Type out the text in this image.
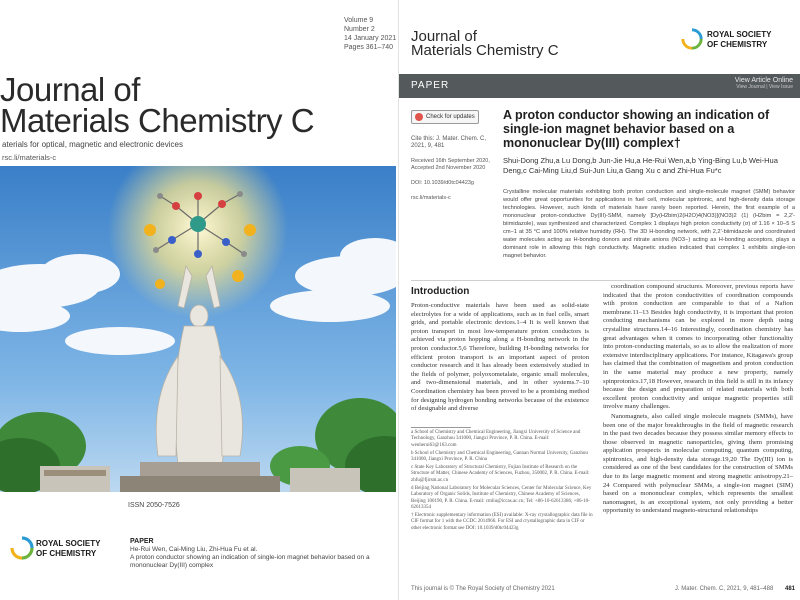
Volume 9
Number 2
14 January 2021
Pages 361–740
Journal of
Materials Chemistry C
aterials for optical, magnetic and electronic devices
rsc.li/materials-c
ISSN 2050-7526
ROYAL SOCIETY
OF CHEMISTRY
PAPER
He-Rui Wen, Cai-Ming Liu, Zhi-Hua Fu et al.
A proton conductor showing an indication of single-ion magnet behavior based on a mononuclear Dy(III) complex
Journal of
Materials Chemistry C
ROYAL SOCIETY
OF CHEMISTRY
PAPER	View Article Online
View Journal | View Issue
Check for updates	A proton conductor showing an indication of single-ion magnet behavior based on a mononuclear Dy(III) complex†

Cite this: J. Mater. Chem. C, 2021, 9, 481

Received 16th September 2020, Accepted 2nd November 2020

DOI: 10.1039/d0tc04423g

rsc.li/materials-c

Shui-Dong Zhu,a Lu Dong,b Jun-Jie Hu,a He-Rui Wen,a,b Ying-Bing Lu,b Wei-Hua Deng,c Cai-Ming Liu,d Sui-Jun Liu,a Gang Xu c and Zhi-Hua Fu*c
Crystalline molecular materials exhibiting both proton conduction and single-molecule magnet (SMM) behavior would offer great opportunities for applications in fuel cell, molecular spintronic, and high-density data storage technologies. However, such kinds of materials have rarely been reported. Herein, the first example of a mononuclear proton-conductive Dy(III)-SMM, namely [Dy(H2bim)2(H2O)4(NO3)](NO3)2 (1) (H2bim = 2,2'-biimidazole), was synthesized and characterized. Complex 1 displays high proton conductivity (σ) of 1.16 × 10−5 S cm−1 at 35 °C and 100% relative humidity (RH). The 3D H-bonding network, with 2,2'-biimidazole and coordinated water molecules acting as H-bonding donors and nitrate anions (NO3−) acting as H-bonding acceptors, plays a dominant role in allowing this high conductivity. Magnetic studies indicated that complex 1 exhibits single-ion magnet behavior.
Introduction
Proton-conductive materials have been used as solid-state electrolytes for a wide of applications, such as in fuel cells, smart grids, and portable electronic devices.1–4 It is well known that proton transport in most low-temperature proton conductors is achieved via proton hopping along a H-bonding network in the proton conductor.5,6 Therefore, building H-bonding networks for efficient proton transport is an important aspect of proton conductor research and it has already been extensively studied in the fields of polymer, polyoxometalate, organic small molecules, and two-dimensional materials, and in other systems.7–10 Coordination chemistry has been proved to be a promising method for designing hydrogen bonding networks because of the existence of designable and diverse

a School of Chemistry and Chemical Engineering, Jiangxi University of Science and Technology, Ganzhou 341000, Jiangxi Province, P. R. China. E-mail: wenherui63@163.com

b School of Chemistry and Chemical Engineering, Gannan Normal University, Ganzhou 341000, Jiangxi Province, P. R. China

c State Key Laboratory of Structural Chemistry, Fujian Institute of Research on the Structure of Matter, Chinese Academy of Sciences, Fuzhou, 350002, P. R. China. E-mail: zhfu@fjirsm.ac.cn

d Beijing National Laboratory for Molecular Sciences, Center for Molecular Science, Key Laboratory of Organic Solids, Institute of Chemistry, Chinese Academy of Sciences, Beijing 100190, P. R. China. E-mail: cmliu@iccas.ac.cn; Tel: +86-10-62613386; +86-10-62613354

† Electronic supplementary information (ESI) available: X-ray crystallographic data file in CIF format for 1 with the CCDC 2014966. For ESI and crystallographic data in CIF or other electronic format see DOI: 10.1039/d0tc04423g

coordination compound structures. Moreover, previous reports have indicated that the proton conductivities of coordination compounds with proton conduction are comparable to that of a Nafion membrane.11–13 Besides high conductivity, it is important that proton conducting mechanisms can be explored in more depth using crystalline structures.14–16 Interestingly, coordination chemistry has great advantages when it comes to incorporating other functionality into proton-conducting materials, so as to allow the realization of more extensive interdisciplinary applications. For instance, Kitagawa's group has claimed that the combination of magnetism and proton conduction in the same material may produce a new property, namely spinprotonics.17,18 However, research in this field is still in its infancy because the design and preparation of related materials with both excellent proton conductivity and unique magnetic properties still involve many challenges.

Nanomagnets, also called single molecule magnets (SMMs), have been one of the major breakthroughs in the field of magnetic research in the past two decades because they possess similar memory effects to those observed in magnetic nanoparticles, giving them promising application prospects in molecular computing, quantum computing, spintronics, and high-density data storage.19,20 The Dy(III) ion is considered as one of the best candidates for the construction of SMMs due to its large magnetic moment and strong magnetic anisotropy.21–24 Compared with polynuclear SMMs, a single-ion magnet (SIM) based on a mononuclear complex, which represents the smallest nanomagnet, is an exceptional system, not only providing a better opportunity to understand magneto-structural relationships

This journal is © The Royal Society of Chemistry 2021	J. Mater. Chem. C, 2021, 9, 481–488 481
